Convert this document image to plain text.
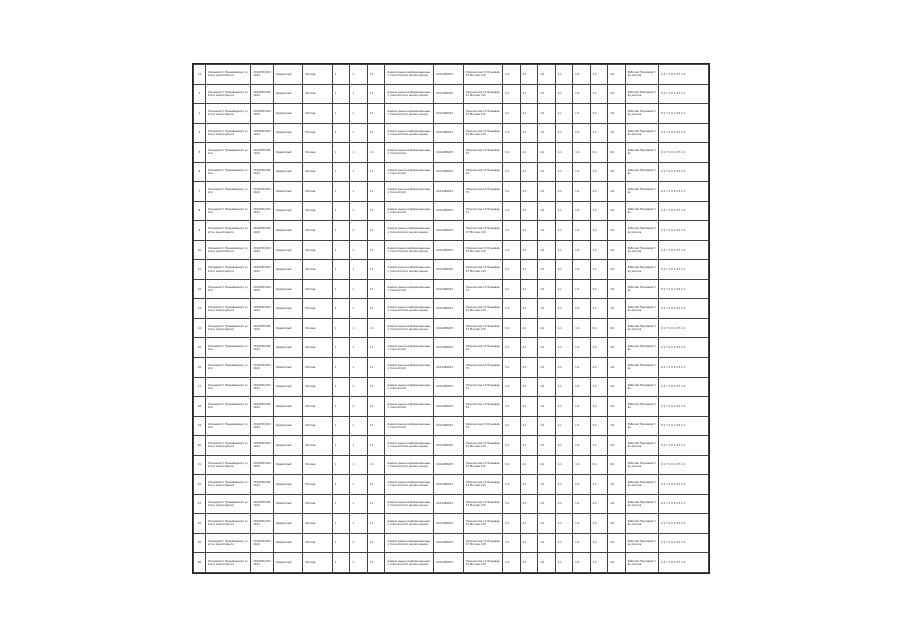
13	Специалист Пршиваренко учета и мониторинга	2010258 0001422	Кредитный	Москва	1	1	11	Анализ рынка информационных технологий и анализ рынка	0011298243	Ломоносова 13 Пршивар 15 Москва 115	3,1	4,1	1,0	2,1	1,0	3,1	4,0	Рабочий Производство рисков	9 1 7 1 0 1 0 5 2 1
2	Специалист Пршиваренко учета и мониторинга	2010258 0001422	Кредитный	Москва	1	1	11	Анализ рынка информационных технологий и анализ рынка	0011298243	Ломоносова 13 Пршивар 15 Москва 115	3,1	4,1	1,0	2,1	1,0	3,1	4,0	Рабочий Производство рисков	9 1 7 1 0 1 0 5 2 1
1	Специалист Пршиваренко учета и мониторинга	2010258 0001422	Кредитный	Москва	1	1	11	Анализ рынка информационных технологий и анализ рынка	0011298243	Ломоносова 13 Пршивар 15 Москва 115	3,1	4,1	1,0	2,1	1,0	3,1	4,0	Рабочий Производство рисков	9 1 7 1 0 1 0 5 2 1
4	Специалист Пршиваренко учета и мониторинга	2010258 0001422	Кредитный	Москва	1	1	11	Анализ рынка информационных технологий и анализ рынка	0011298243	Ломоносова 13 Пршивар 15 Москва 115	3,1	4,1	1,0	2,1	1,0	3,1	4,0	Рабочий Производство рисков	9 1 7 1 0 1 0 5 2 1
5	Специалист Пршиваренко учета	2010258 0001422	Кредитный	Москва	1	1	11	Анализ рынка информационных технологий	0011298243	Ломоносова 13 Пршивар 15	3,1	4,1	1,0	2,1	1,0	3,1	4,0	Рабочий Производство	9 1 7 1 0 1 0 5 2 1
6	Специалист Пршиваренко учета	2010258 0001422	Кредитный	Москва	1	1	11	Анализ рынка информационных технологий	0011298243	Ломоносова 13 Пршивар 15	3,1	4,1	1,0	2,1	1,0	3,1	4,0	Рабочий Производство	9 1 7 1 0 1 0 5 2 1
7	Специалист Пршиваренко учета	2010258 0001422	Кредитный	Москва	1	1	11	Анализ рынка информационных технологий	0011298243	Ломоносова 13 Пршивар 15	3,1	4,1	1,0	2,1	1,0	3,1	4,0	Рабочий Производство	9 1 7 1 0 1 0 5 2 1
8	Специалист Пршиваренко учета	2010258 0001422	Кредитный	Москва	1	1	11	Анализ рынка информационных технологий	0011298243	Ломоносова 13 Пршивар 15	3,1	4,1	1,0	2,1	1,0	3,1	4,0	Рабочий Производство	9 1 7 1 0 1 0 5 2 1
9	Специалист Пршиваренко учета и мониторинга	2010258 0001422	Кредитный	Москва	1	1	11	Анализ рынка информационных технологий и анализ рынка	0011298243	Ломоносова 13 Пршивар 15 Москва 115	3,1	4,1	1,0	2,1	1,0	3,1	4,0	Рабочий Производство рисков	9 1 7 1 0 1 0 5 2 1
10	Специалист Пршиваренко учета и мониторинга	2010258 0001422	Кредитный	Москва	1	1	11	Анализ рынка информационных технологий и анализ рынка	0011298243	Ломоносова 13 Пршивар 15 Москва 115	3,1	4,1	1,0	2,1	1,0	3,1	4,0	Рабочий Производство рисков	9 1 7 1 0 1 0 5 2 1
11	Специалист Пршиваренко учета и мониторинга	2010258 0001422	Кредитный	Москва	1	1	11	Анализ рынка информационных технологий и анализ рынка	0011298243	Ломоносова 13 Пршивар 15 Москва 115	3,1	4,1	1,0	2,1	1,0	3,1	4,0	Рабочий Производство рисков	9 1 7 1 0 1 0 5 2 1
12	Специалист Пршиваренко учета	2010258 0001422	Кредитный	Москва	1	1	11	Анализ рынка информационных технологий	0011298243	Ломоносова 13 Пршивар 15	3,1	4,1	1,0	2,1	1,0	3,1	4,0	Рабочий Производство	9 1 7 1 0 1 0 5 2 1
13	Специалист Пршиваренко учета и мониторинга	2010258 0001422	Кредитный	Москва	1	1	11	Анализ рынка информационных технологий и анализ рынка	0011298243	Ломоносова 13 Пршивар 15 Москва 115	3,1	4,1	1,0	2,1	1,0	3,1	4,0	Рабочий Производство рисков	9 1 7 1 0 1 0 5 2 1
14	Специалист Пршиваренко учета и мониторинга	2010258 0001422	Кредитный	Москва	1	1	11	Анализ рынка информационных технологий и анализ рынка	0011298243	Ломоносова 13 Пршивар 15 Москва 115	3,1	4,1	1,0	2,1	1,0	3,1	4,0	Рабочий Производство рисков	9 1 7 1 0 1 0 5 2 1
15	Специалист Пршиваренко учета	2010258 0001422	Кредитный	Москва	1	1	11	Анализ рынка информационных технологий	0011298243	Ломоносова 13 Пршивар 15	3,1	4,1	1,0	2,1	1,0	3,1	4,0	Рабочий Производство	9 1 7 1 0 1 0 5 2 1
16	Специалист Пршиваренко учета	2010258 0001422	Кредитный	Москва	1	1	11	Анализ рынка информационных технологий	0011298243	Ломоносова 13 Пршивар 15	3,1	4,1	1,0	2,1	1,0	3,1	4,0	Рабочий Производство	9 1 7 1 0 1 0 5 2 1
17	Специалист Пршиваренко учета	2010258 0001422	Кредитный	Москва	1	1	11	Анализ рынка информационных технологий	0011298243	Ломоносова 13 Пршивар 15	3,1	4,1	1,0	2,1	1,0	3,1	4,0	Рабочий Производство	9 1 7 1 0 1 0 5 2 1
18	Специалист Пршиваренко учета	2010258 0001422	Кредитный	Москва	1	1	11	Анализ рынка информационных технологий	0011298243	Ломоносова 13 Пршивар 15	3,1	4,1	1,0	2,1	1,0	3,1	4,0	Рабочий Производство	9 1 7 1 0 1 0 5 2 1
19	Специалист Пршиваренко учета	2010258 0001422	Кредитный	Москва	1	1	11	Анализ рынка информационных технологий	0011298243	Ломоносова 13 Пршивар 15	3,1	4,1	1,0	2,1	1,0	3,1	4,0	Рабочий Производство	9 1 7 1 0 1 0 5 2 1
20	Специалист Пршиваренко учета и мониторинга	2010258 0001422	Кредитный	Москва	1	1	11	Анализ рынка информационных технологий и анализ рынка	0011298243	Ломоносова 13 Пршивар 15 Москва 115	3,1	4,1	1,0	2,1	1,0	3,1	4,0	Рабочий Производство рисков	9 1 7 1 0 1 0 5 2 1
21	Специалист Пршиваренко учета и мониторинга	2010258 0001422	Кредитный	Москва	1	1	11	Анализ рынка информационных технологий и анализ рынка	0011298243	Ломоносова 13 Пршивар 15 Москва 115	3,1	4,1	1,0	2,1	1,0	3,1	4,0	Рабочий Производство рисков	9 1 7 1 0 1 0 5 2 1
22	Специалист Пршиваренко учета и мониторинга	2010258 0001422	Кредитный	Москва	1	1	11	Анализ рынка информационных технологий и анализ рынка	0011298243	Ломоносова 13 Пршивар 15 Москва 115	3,1	4,1	1,0	2,1	1,0	3,1	4,0	Рабочий Производство рисков	9 1 7 1 0 1 0 5 2 1
23	Специалист Пршиваренко учета и мониторинга	2010258 0001422	Кредитный	Москва	1	1	11	Анализ рынка информационных технологий и анализ рынка	0011298243	Ломоносова 13 Пршивар 15 Москва 115	3,1	4,1	1,0	2,1	1,0	3,1	4,0	Рабочий Производство рисков	9 1 7 1 0 1 0 5 2 1
24	Специалист Пршиваренко учета и мониторинга	2010258 0001422	Кредитный	Москва	1	1	11	Анализ рынка информационных технологий и анализ рынка	0011298243	Ломоносова 13 Пршивар 15 Москва 115	3,1	4,1	1,0	2,1	1,0	3,1	4,0	Рабочий Производство рисков	9 1 7 1 0 1 0 5 2 1
25	Специалист Пршиваренко учета и мониторинга	2010258 0001422	Кредитный	Москва	1	1	11	Анализ рынка информационных технологий и анализ рынка	0011298243	Ломоносова 13 Пршивар 15 Москва 115	3,1	4,1	1,0	2,1	1,0	3,1	4,0	Рабочий Производство рисков	9 1 7 1 0 1 0 5 2 1
26	Специалист Пршиваренко учета и мониторинга	2010258 0001422	Кредитный	Москва	1	1	11	Анализ рынка информационных технологий и анализ рынка	0011298243	Ломоносова 13 Пршивар 15 Москва 115	3,1	4,1	1,0	2,1	1,0	3,1	4,0	Рабочий Производство рисков	9 1 7 1 0 1 0 5 2 1
